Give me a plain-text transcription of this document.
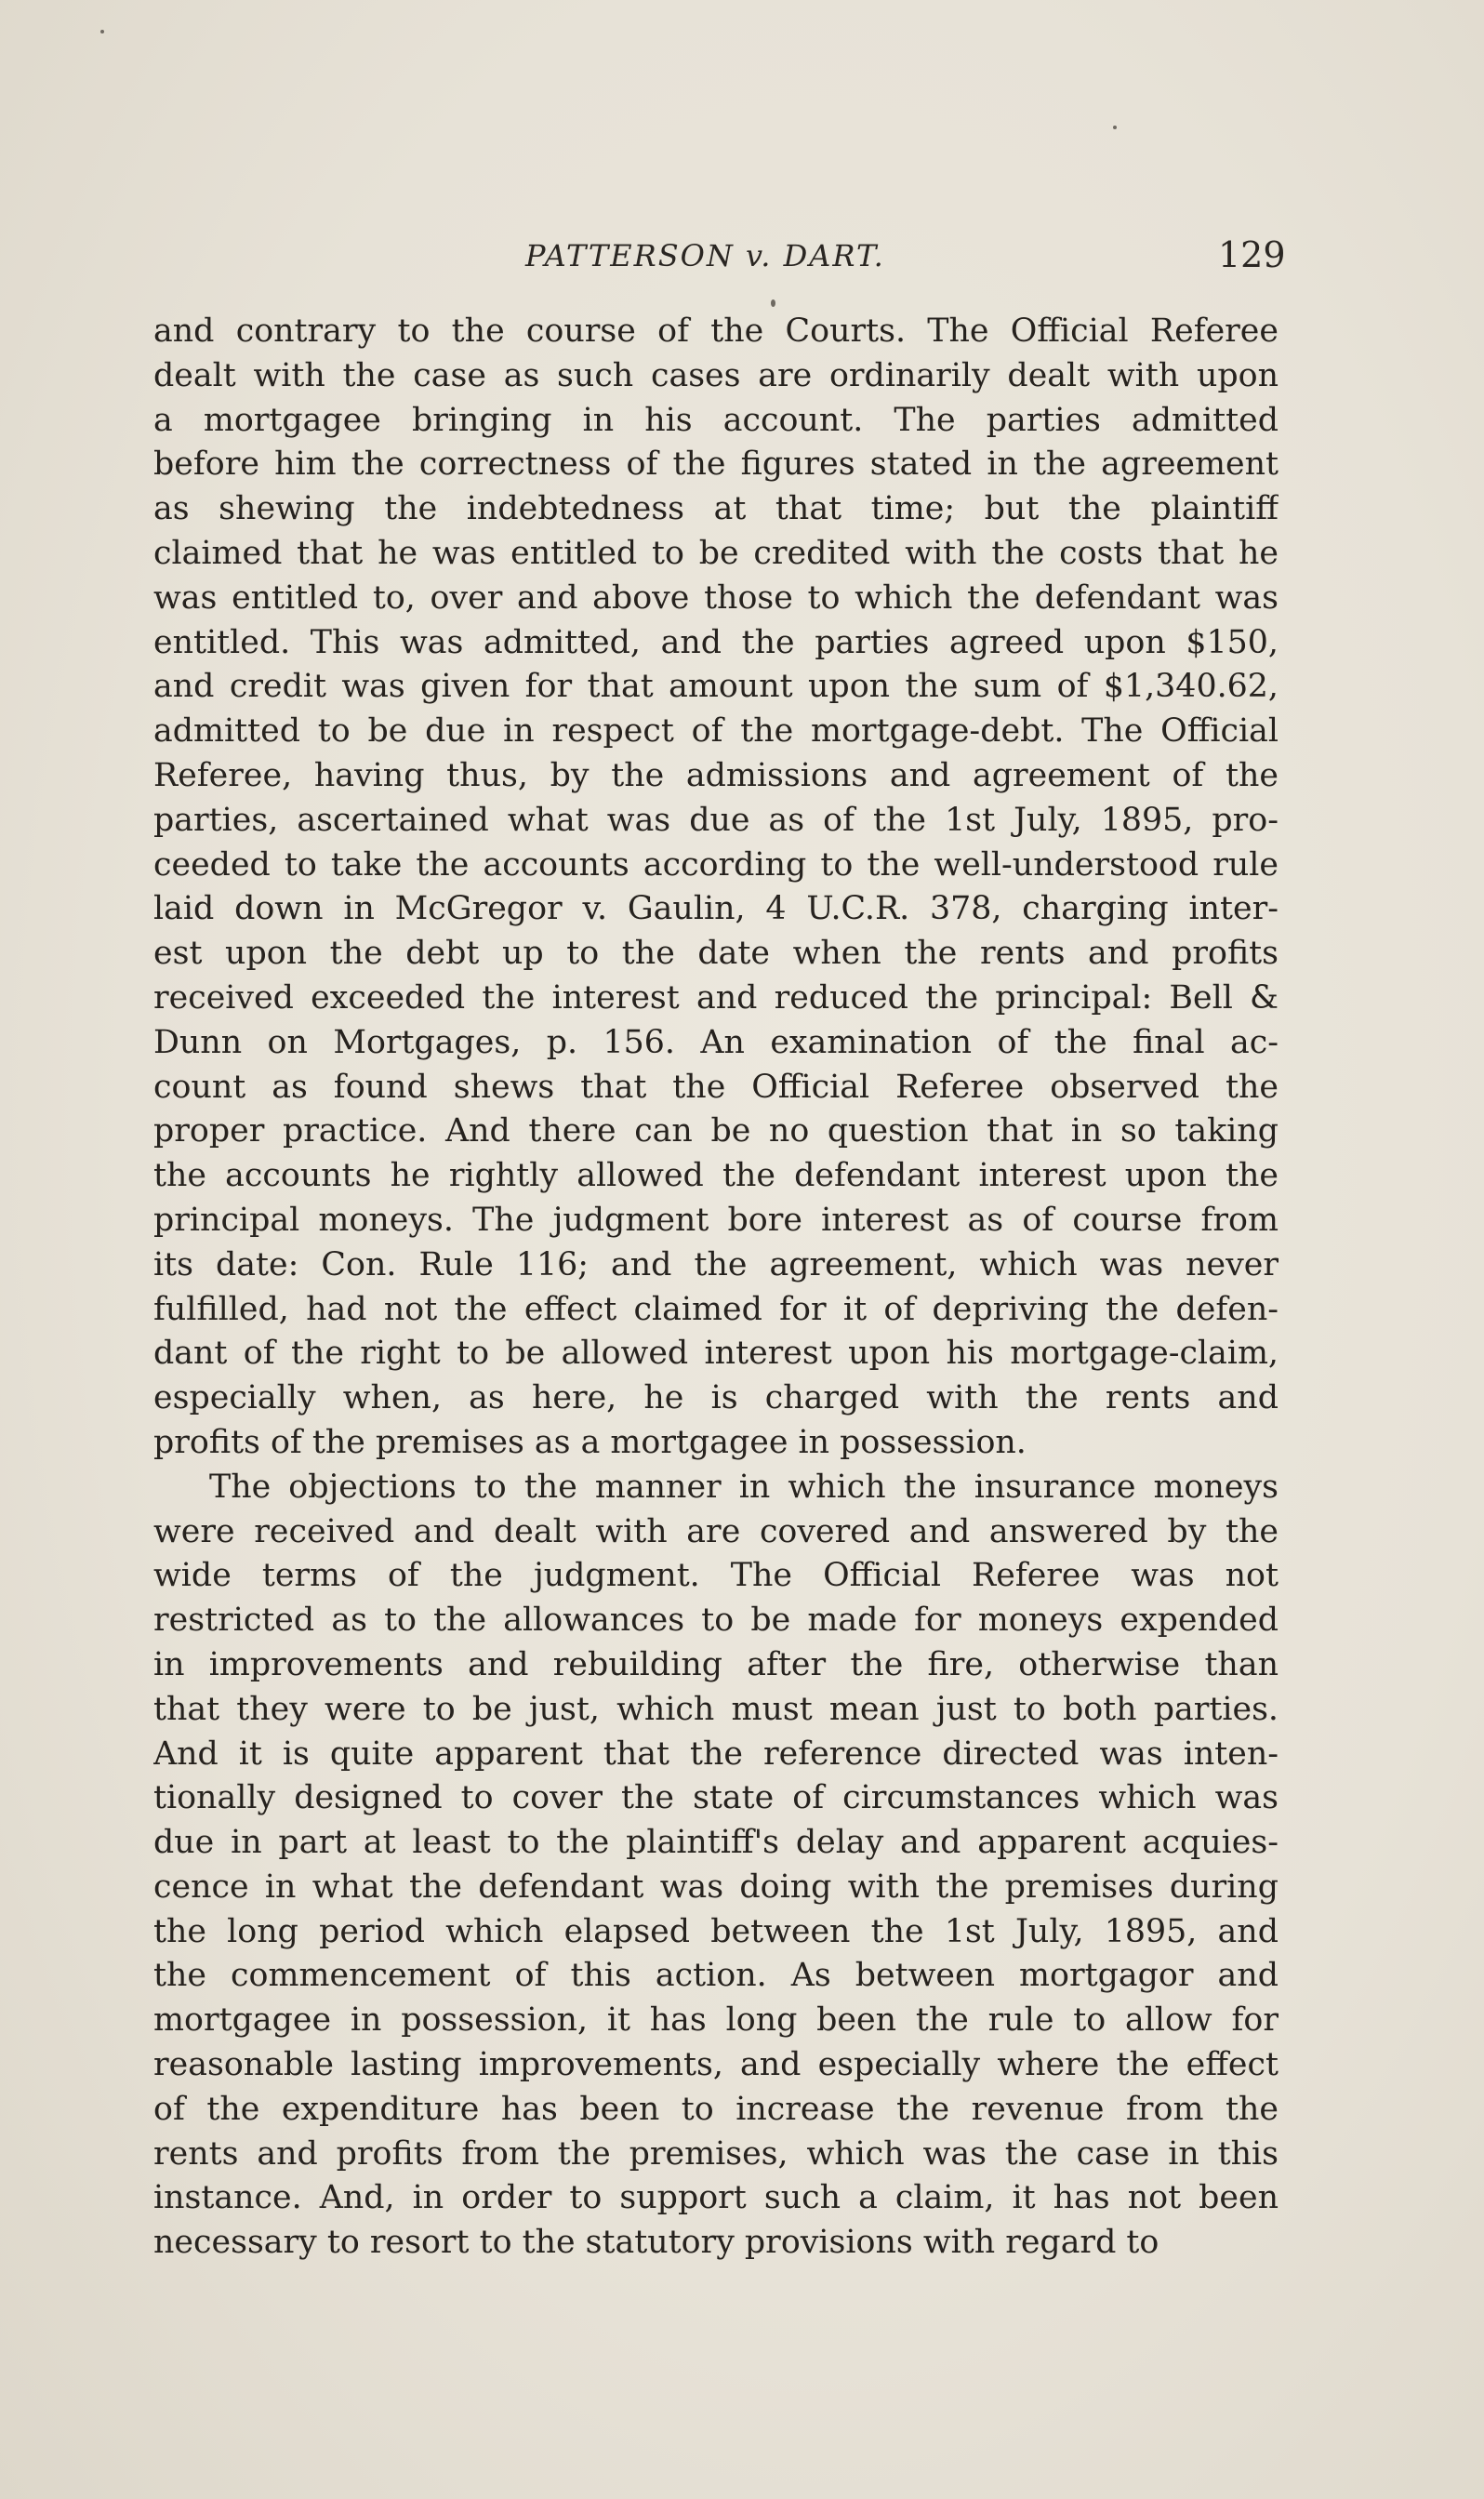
PATTERSON v. DART.	129
and contrary to the course of the Courts. The Official Referee
dealt with the case as such cases are ordinarily dealt with upon
a mortgagee bringing in his account. The parties admitted
before him the correctness of the figures stated in the agreement
as shewing the indebtedness at that time; but the plaintiff
claimed that he was entitled to be credited with the costs that he
was entitled to, over and above those to which the defendant was
entitled. This was admitted, and the parties agreed upon $150,
and credit was given for that amount upon the sum of $1,340.62,
admitted to be due in respect of the mortgage-debt. The Official
Referee, having thus, by the admissions and agreement of the
parties, ascertained what was due as of the 1st July, 1895, pro-
ceeded to take the accounts according to the well-understood rule
laid down in McGregor v. Gaulin, 4 U.C.R. 378, charging inter-
est upon the debt up to the date when the rents and profits
received exceeded the interest and reduced the principal: Bell &
Dunn on Mortgages, p. 156. An examination of the final ac-
count as found shews that the Official Referee observed the
proper practice. And there can be no question that in so taking
the accounts he rightly allowed the defendant interest upon the
principal moneys. The judgment bore interest as of course from
its date: Con. Rule 116; and the agreement, which was never
fulfilled, had not the effect claimed for it of depriving the defen-
dant of the right to be allowed interest upon his mortgage-claim,
especially when, as here, he is charged with the rents and
profits of the premises as a mortgagee in possession.
The objections to the manner in which the insurance moneys
were received and dealt with are covered and answered by the
wide terms of the judgment. The Official Referee was not
restricted as to the allowances to be made for moneys expended
in improvements and rebuilding after the fire, otherwise than
that they were to be just, which must mean just to both parties.
And it is quite apparent that the reference directed was inten-
tionally designed to cover the state of circumstances which was
due in part at least to the plaintiff's delay and apparent acquies-
cence in what the defendant was doing with the premises during
the long period which elapsed between the 1st July, 1895, and
the commencement of this action. As between mortgagor and
mortgagee in possession, it has long been the rule to allow for
reasonable lasting improvements, and especially where the effect
of the expenditure has been to increase the revenue from the
rents and profits from the premises, which was the case in this
instance. And, in order to support such a claim, it has not been
necessary to resort to the statutory provisions with regard to
